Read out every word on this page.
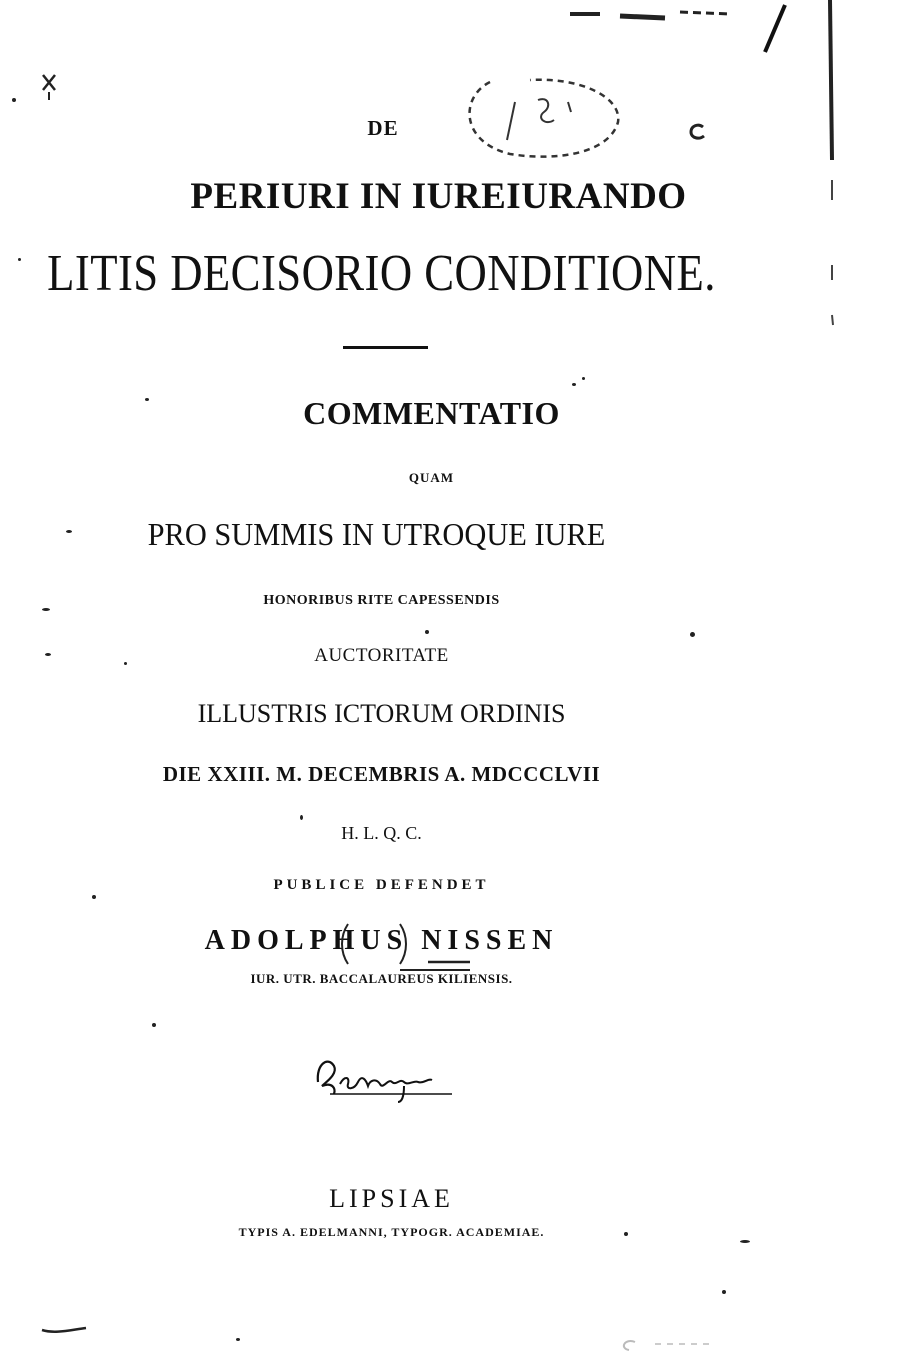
DE

PERIURI IN IUREIURANDO

LITIS DECISORIO CONDITIONE.

COMMENTATIO

QUAM

PRO SUMMIS IN UTROQUE IURE

HONORIBUS RITE CAPESSENDIS

AUCTORITATE

ILLUSTRIS ICTORUM ORDINIS

DIE XXIII. M. DECEMBRIS A. MDCCCLVII

H. L. Q. C.

PUBLICE DEFENDET

ADOLPHUS NISSEN

IUR. UTR. BACCALAUREUS KILIENSIS.

LIPSIAE

TYPIS A. EDELMANNI, TYPOGR. ACADEMIAE.
